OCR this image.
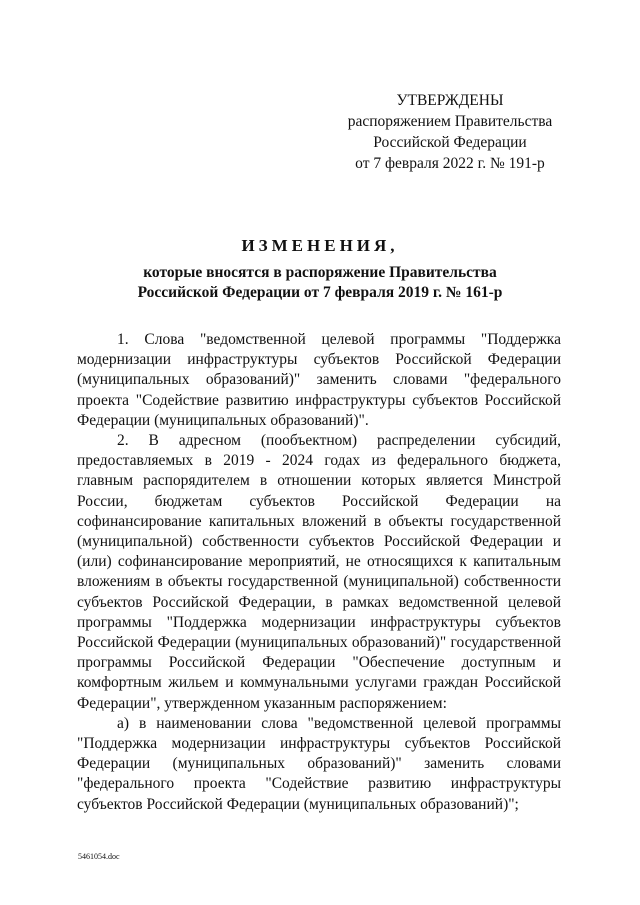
УТВЕРЖДЕНЫ
распоряжением Правительства
Российской Федерации
от 7 февраля 2022 г. № 191-р
ИЗМЕНЕНИЯ,
которые вносятся в распоряжение Правительства
Российской Федерации от 7 февраля 2019 г. № 161-р

1. Слова "ведомственной целевой программы "Поддержка модернизации инфраструктуры субъектов Российской Федерации (муниципальных образований)" заменить словами "федерального проекта "Содействие развитию инфраструктуры субъектов Российской Федерации (муниципальных образований)".

2. В адресном (пообъектном) распределении субсидий, предоставляемых в 2019 - 2024 годах из федерального бюджета, главным распорядителем в отношении которых является Минстрой России, бюджетам субъектов Российской Федерации на софинансирование капитальных вложений в объекты государственной (муниципальной) собственности субъектов Российской Федерации и (или) софинансирование мероприятий, не относящихся к капитальным вложениям в объекты государственной (муниципальной) собственности субъектов Российской Федерации, в рамках ведомственной целевой программы "Поддержка модернизации инфраструктуры субъектов Российской Федерации (муниципальных образований)" государственной программы Российской Федерации "Обеспечение доступным и комфортным жильем и коммунальными услугами граждан Российской Федерации", утвержденном указанным распоряжением:

а) в наименовании слова "ведомственной целевой программы "Поддержка модернизации инфраструктуры субъектов Российской Федерации (муниципальных образований)" заменить словами "федерального проекта "Содействие развитию инфраструктуры субъектов Российской Федерации (муниципальных образований)";

5461054.doc
